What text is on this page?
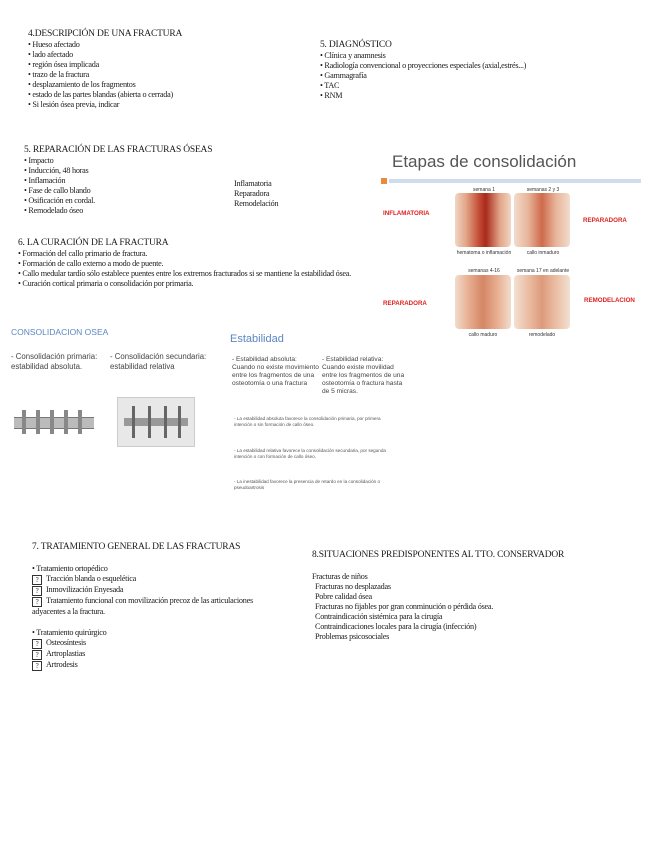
4.DESCRIPCIÓN DE UNA FRACTURA
• Hueso afectado
• lado afectado
• región ósea implicada
• trazo de la fractura
• desplazamiento de los fragmentos
• estado de las partes blandas (abierta o cerrada)
• Si lesión ósea previa, indicar
5. DIAGNÓSTICO
• Clínica y anamnesis
• Radiología convencional o proyecciones especiales (axial,estrés...)
• Gammagrafía
• TAC
• RNM
5. REPARACIÓN DE LAS FRACTURAS ÓSEAS
• Impacto
• Inducción, 48 horas
• Inflamación
• Fase de callo blando
• Osificación en cordal.
• Remodelado óseo
Inflamatoria
Reparadora
Remodelación
6. LA CURACIÓN DE LA FRACTURA
• Formación del callo primario de fractura.
• Formación de callo externo a modo de puente.
• Callo medular tardío sólo establece puentes entre los extremos fracturados si se mantiene la estabilidad ósea.
• Curación cortical primaria o consolidación por primaria.
Etapas de consolidación
semana 1	semanas 2 y 3
hematoma o inflamación	callo inmaduro
semanas 4-16	semana 17 en adelante
callo maduro	remodelado
INFLAMATORIA
REPARADORA
REPARADORA	REMODELACION
CONSOLIDACION OSEA
- Consolidación primaria: estabilidad absoluta.
- Consolidación secundaria: estabilidad relativa
Estabilidad
- Estabilidad absoluta: Cuando no existe movimiento entre los fragmentos de una osteotomía o una fractura
- Estabilidad relativa: Cuando existe movilidad entre los fragmentos de una osteotomía o fractura hasta de 5 micras.
- La estabilidad absoluta favorece la consolidación primaria, por primera intención o sin formación de callo óseo.
- La estabilidad relativa favorece la consolidación secundaria, por segunda intención o con formación de callo óseo.
- La inestabilidad favorece la presencia de retardo en la consolidación o pseudoartrosis
7. TRATAMIENTO GENERAL DE LAS FRACTURAS
• Tratamiento ortopédico
? Tracción blanda o esquelética
? Inmovilización Enyesada
? Tratamiento funcional con movilización precoz de las articulaciones adyacentes a la fractura.
• Tratamiento quirúrgico
? Osteosíntesis
? Artroplastias
? Artrodesis
8.SITUACIONES PREDISPONENTES AL TTO. CONSERVADOR
Fracturas de niños
Fracturas no desplazadas
Pobre calidad ósea
Fracturas no fijables por gran conminución o pérdida ósea.
Contraindicación sistémica para la cirugía
Contraindicaciones locales para la cirugía (infección)
Problemas psicosociales
